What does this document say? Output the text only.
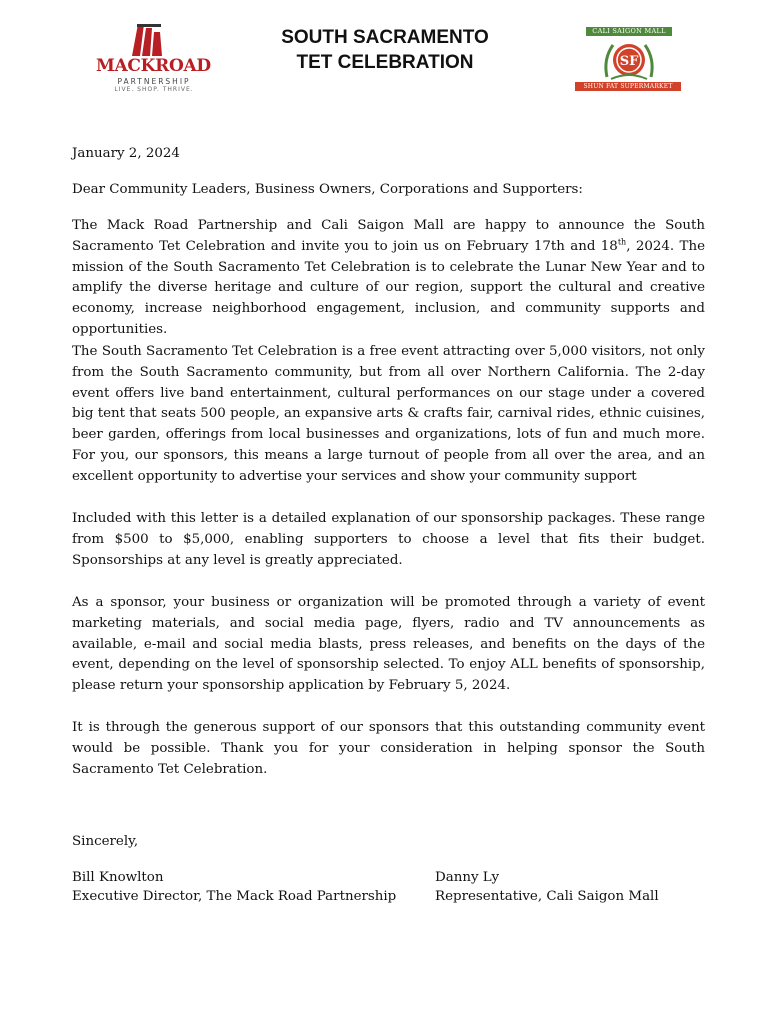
MACKROAD
PARTNERSHIP
LIVE. SHOP. THRIVE.
SOUTH SACRAMENTO
TET CELEBRATION
CALI SAIGON MALL
SF
SHUN FAT SUPERMARKET
January 2, 2024
Dear Community Leaders, Business Owners, Corporations and Supporters:
The Mack Road Partnership and Cali Saigon Mall are happy to announce the South Sacramento Tet Celebration and invite you to join us on February 17th and 18th, 2024. The mission of the South Sacramento Tet Celebration is to celebrate the Lunar New Year and to amplify the diverse heritage and culture of our region, support the cultural and creative economy, increase neighborhood engagement, inclusion, and community supports and opportunities.
The South Sacramento Tet Celebration is a free event attracting over 5,000 visitors, not only from the South Sacramento community, but from all over Northern California. The 2-day event offers live band entertainment, cultural performances on our stage under a covered big tent that seats 500 people, an expansive arts & crafts fair, carnival rides, ethnic cuisines, beer garden, offerings from local businesses and organizations, lots of fun and much more. For you, our sponsors, this means a large turnout of people from all over the area, and an excellent opportunity to advertise your services and show your community support
Included with this letter is a detailed explanation of our sponsorship packages. These range from $500 to $5,000, enabling supporters to choose a level that fits their budget. Sponsorships at any level is greatly appreciated.
As a sponsor, your business or organization will be promoted through a variety of event marketing materials, and social media page, flyers, radio and TV announcements as available, e-mail and social media blasts, press releases, and benefits on the days of the event, depending on the level of sponsorship selected. To enjoy ALL benefits of sponsorship, please return your sponsorship application by February 5, 2024.
It is through the generous support of our sponsors that this outstanding community event would be possible. Thank you for your consideration in helping sponsor the South Sacramento Tet Celebration.
Sincerely,
Bill Knowlton
Executive Director, The Mack Road Partnership
Danny Ly
Representative, Cali Saigon Mall
